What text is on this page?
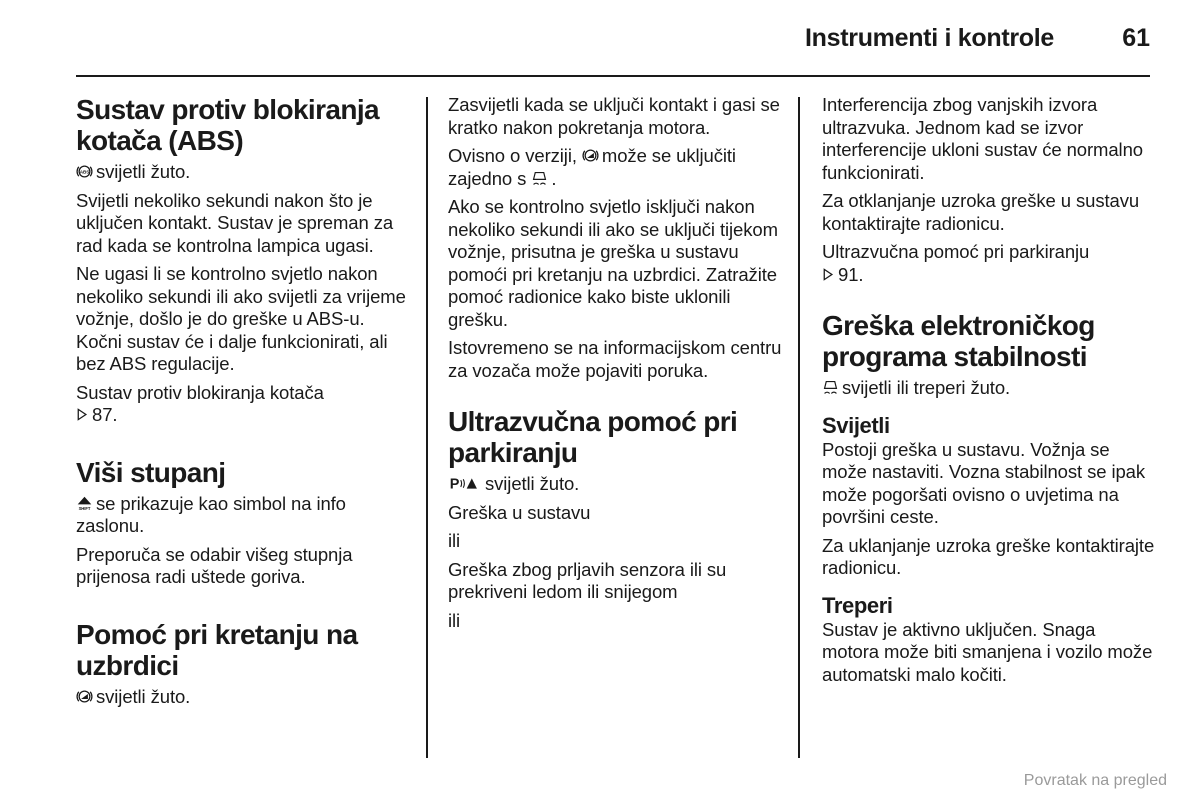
Instrumenti i kontrole	61
Sustav protiv blokiranja kotača (ABS)

ABS svijetli žuto.

Svijetli nekoliko sekundi nakon što je uključen kontakt. Sustav je spreman za rad kada se kontrolna lampica ugasi.

Ne ugasi li se kontrolno svjetlo nakon nekoliko sekundi ili ako svijetli za vrijeme vožnje, došlo je do greške u ABS-u. Kočni sustav će i dalje funkcionirati, ali bez ABS regulacije.

Sustav protiv blokiranja kotača

87.

Viši stupanj

SHIFT se prikazuje kao simbol na info zaslonu.

Preporuča se odabir višeg stupnja prijenosa radi uštede goriva.

Pomoć pri kretanju na uzbrdici

svijetli žuto.

Zasvijetli kada se uključi kontakt i gasi se kratko nakon pokretanja motora.

Ovisno o verziji, može se uključiti zajedno s .

Ako se kontrolno svjetlo isključi nakon nekoliko sekundi ili ako se uključi tijekom vožnje, prisutna je greška u sustavu pomoći pri kretanju na uzbrdici. Zatražite pomoć radionice kako biste uklonili grešku.

Istovremeno se na informacijskom centru za vozača može pojaviti poruka.

Ultrazvučna pomoć pri parkiranju

P svijetli žuto.

Greška u sustavu

ili

Greška zbog prljavih senzora ili su prekriveni ledom ili snijegom

ili

Interferencija zbog vanjskih izvora ultrazvuka. Jednom kad se izvor interferencije ukloni sustav će normalno funkcionirati.

Za otklanjanje uzroka greške u sustavu kontaktirajte radionicu.

Ultrazvučna pomoć pri parkiranju

91.

Greška elektroničkog programa stabilnosti

svijetli ili treperi žuto.

Svijetli

Postoji greška u sustavu. Vožnja se može nastaviti. Vozna stabilnost se ipak može pogoršati ovisno o uvjetima na površini ceste.

Za uklanjanje uzroka greške kontaktirajte radionicu.

Treperi

Sustav je aktivno uključen. Snaga motora može biti smanjena i vozilo može automatski malo kočiti.

Povratak na pregled
